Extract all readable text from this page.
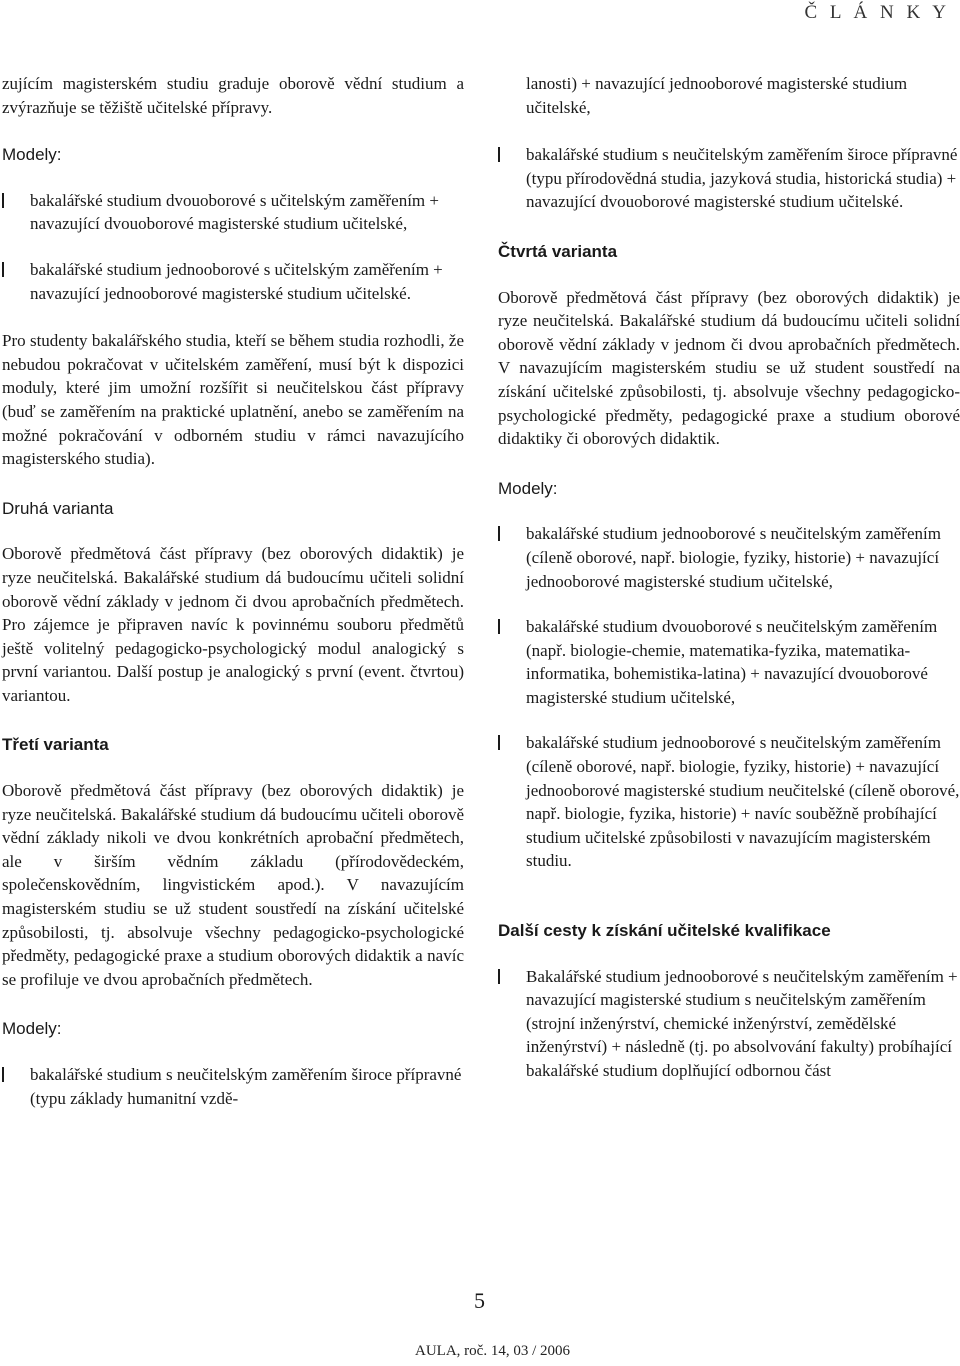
Č L Á N K Y

zujícím magisterském studiu graduje oborově vědní studium a zvýrazňuje se těžiště učitelské přípravy.

Modely:
bakalářské studium dvouoborové s učitelským zaměřením + navazující dvouoborové magisterské studium učitelské,
bakalářské studium jednooborové s učitelským zaměřením + navazující jednooborové magisterské studium učitelské.

Pro studenty bakalářského studia, kteří se během studia rozhodli, že nebudou pokračovat v učitelském zaměření, musí být k dispozici moduly, které jim umožní rozšířit si neučitelskou část přípravy (buď se zaměřením na praktické uplatnění, anebo se zaměřením na možné pokračování v odborném studiu v rámci navazujícího magisterského studia).

Druhá varianta

Oborově předmětová část přípravy (bez oborových didaktik) je ryze neučitelská. Bakalářské studium dá budoucímu učiteli solidní oborově vědní základy v jednom či dvou aprobačních předmětech. Pro zájemce je připraven navíc k povinnému souboru předmětů ještě volitelný pedagogicko-psychologický modul analogický s první variantou. Další postup je analogický s první (event. čtvrtou) variantou.

Třetí varianta

Oborově předmětová část přípravy (bez oborových didaktik) je ryze neučitelská. Bakalářské studium dá budoucímu učiteli oborově vědní základy nikoli ve dvou konkrétních aprobační předmětech, ale v širším vědním základu (přírodovědeckém, společenskovědním, lingvistickém apod.). V navazujícím magisterském studiu se už student soustředí na získání učitelské způsobilosti, tj. absolvuje všechny pedagogicko-psychologické předměty, pedagogické praxe a studium oborových didaktik a navíc se profiluje ve dvou aprobačních předmětech.

Modely:
bakalářské studium s neučitelským zaměřením široce přípravné (typu základy humanitní vzdě-

lanosti) + navazující jednooborové magisterské studium učitelské,

bakalářské studium s neučitelským zaměřením široce přípravné (typu přírodovědná studia, jazyková studia, historická studia) + navazující dvouoborové magisterské studium učitelské.
Čtvrtá varianta

Oborově předmětová část přípravy (bez oborových didaktik) je ryze neučitelská. Bakalářské studium dá budoucímu učiteli solidní oborově vědní základy v jednom či dvou aprobačních předmětech. V navazujícím magisterském studiu se už student soustředí na získání učitelské způsobilosti, tj. absolvuje všechny pedagogicko-psychologické předměty, pedagogické praxe a studium oborové didaktiky či oborových didaktik.

Modely:
bakalářské studium jednooborové s neučitelským zaměřením (cíleně oborové, např. biologie, fyziky, historie) + navazující jednooborové magisterské studium učitelské,
bakalářské studium dvouoborové s neučitelským zaměřením (např. biologie-chemie, matematika-fyzika, matematika-informatika, bohemistika-latina) + navazující dvouoborové magisterské studium učitelské,
bakalářské studium jednooborové s neučitelským zaměřením (cíleně oborové, např. biologie, fyziky, historie) + navazující jednooborové magisterské studium neučitelské (cíleně oborové, např. biologie, fyzika, historie) + navíc souběžně probíhající studium učitelské způsobilosti v navazujícím magisterském studiu.
Další cesty k získání učitelské kvalifikace
Bakalářské studium jednooborové s neučitelským zaměřením + navazující magisterské studium s neučitelským zaměřením (strojní inženýrství, chemické inženýrství, zemědělské inženýrství) + následně (tj. po absolvování fakulty) probíhající bakalářské studium doplňující odbornou část
5
AULA, roč. 14, 03 / 2006
